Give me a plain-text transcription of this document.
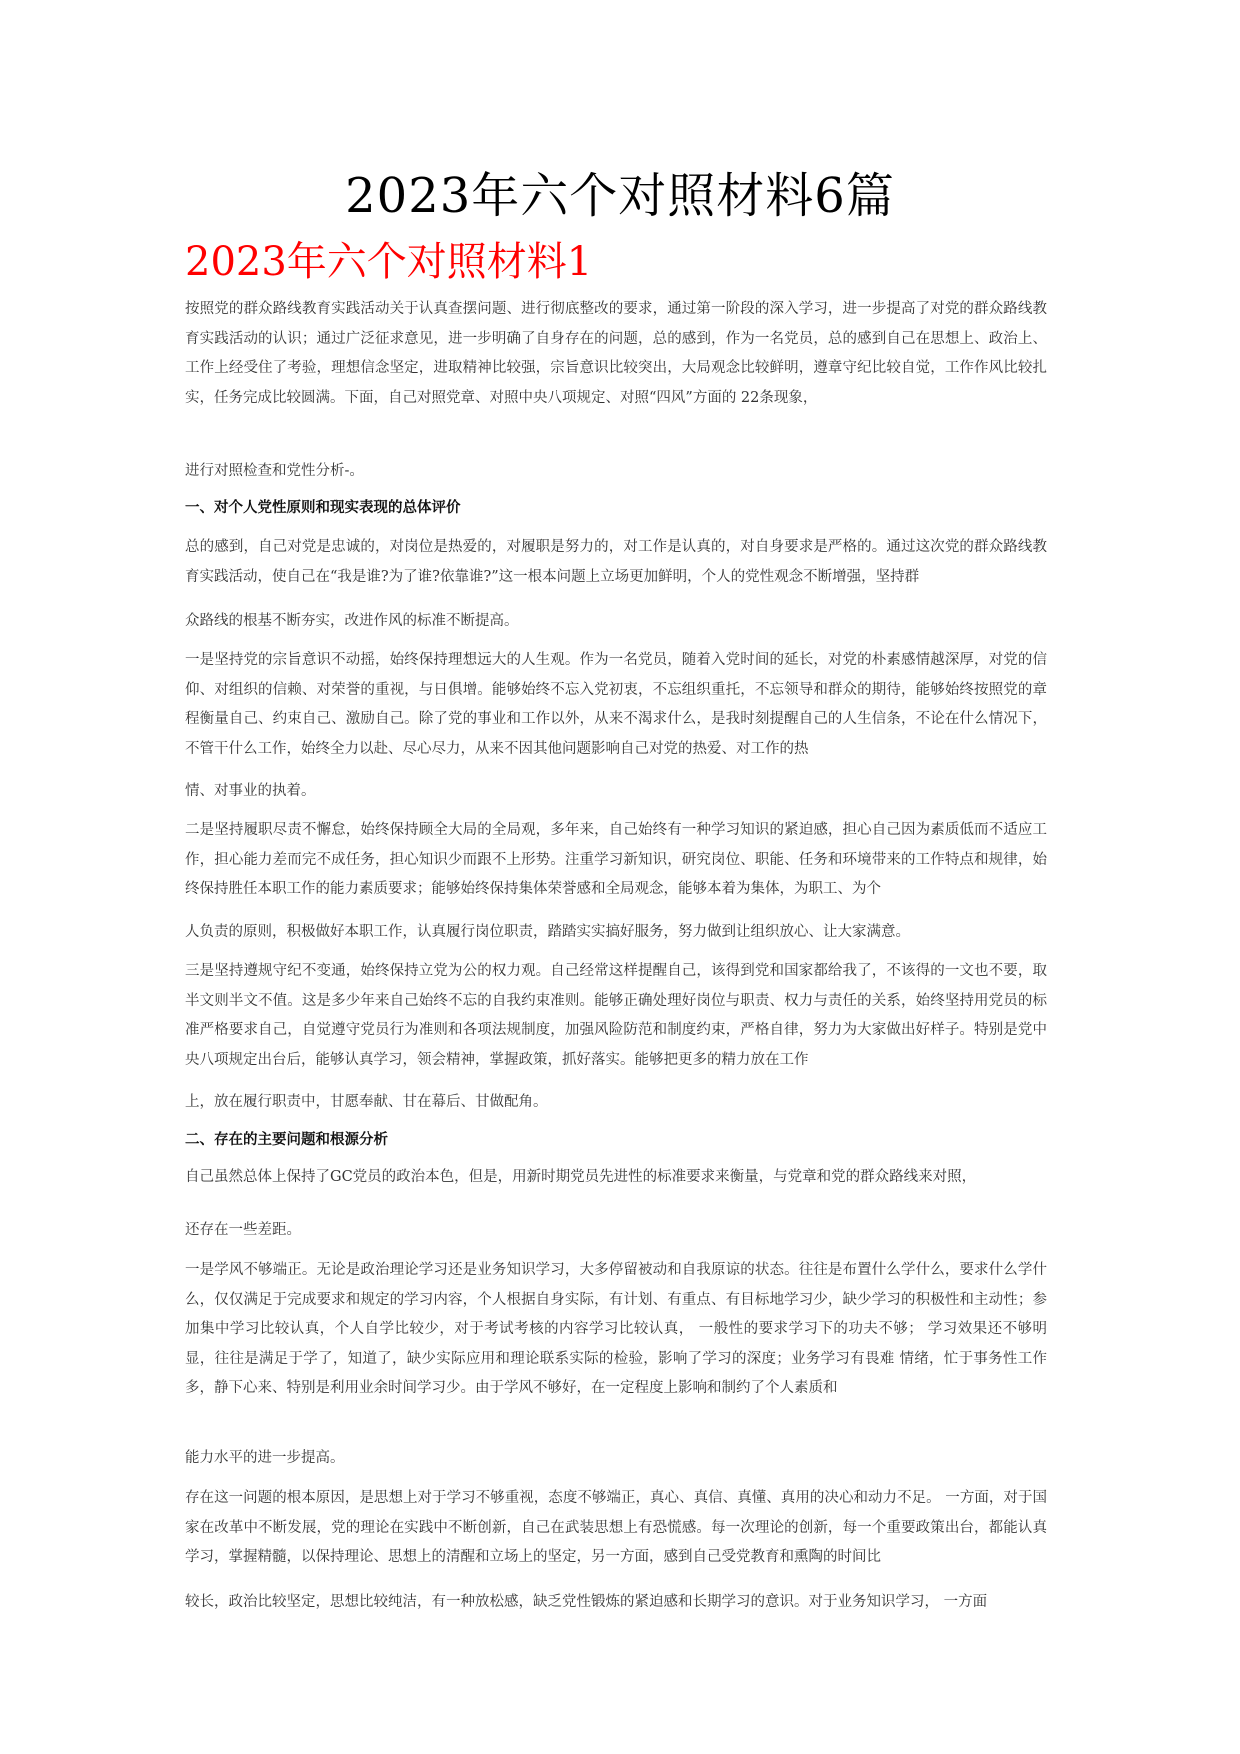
2023年六个对照材料6篇
2023年六个对照材料1

按照党的群众路线教育实践活动关于认真查摆问题、进行彻底整改的要求，通过第一阶段的深入学习，进一步提高了对党的群众路线教育实践活动的认识；通过广泛征求意见，进一步明确了自身存在的问题，总的感到，作为一名党员，总的感到自己在思想上、政治上、工作上经受住了考验，理想信念坚定，进取精神比较强，宗旨意识比较突出，大局观念比较鲜明，遵章守纪比较自觉，工作作风比较扎实，任务完成比较圆满。下面，自己对照党章、对照中央八项规定、对照“四风”方面的 22条现象，

进行对照检查和党性分析-。

一、对个人党性原则和现实表现的总体评价

总的感到，自己对党是忠诚的，对岗位是热爱的，对履职是努力的，对工作是认真的，对自身要求是严格的。通过这次党的群众路线教育实践活动，使自己在“我是谁?为了谁?依靠谁?”这一根本问题上立场更加鲜明，个人的党性观念不断增强，坚持群

众路线的根基不断夯实，改进作风的标准不断提高。

一是坚持党的宗旨意识不动摇，始终保持理想远大的人生观。作为一名党员，随着入党时间的延长，对党的朴素感情越深厚，对党的信仰、对组织的信赖、对荣誉的重视，与日俱增。能够始终不忘入党初衷，不忘组织重托，不忘领导和群众的期待，能够始终按照党的章程衡量自己、约束自己、激励自己。除了党的事业和工作以外，从来不渴求什么，是我时刻提醒自己的人生信条，不论在什么情况下，不管干什么工作，始终全力以赴、尽心尽力，从来不因其他问题影响自己对党的热爱、对工作的热

情、对事业的执着。

二是坚持履职尽责不懈怠，始终保持顾全大局的全局观，多年来，自己始终有一种学习知识的紧迫感，担心自己因为素质低而不适应工作，担心能力差而完不成任务，担心知识少而跟不上形势。注重学习新知识，研究岗位、职能、任务和环境带来的工作特点和规律，始终保持胜任本职工作的能力素质要求；能够始终保持集体荣誉感和全局观念，能够本着为集体，为职工、为个

人负责的原则，积极做好本职工作，认真履行岗位职责，踏踏实实搞好服务，努力做到让组织放心、让大家满意。

三是坚持遵规守纪不变通，始终保持立党为公的权力观。自己经常这样提醒自己，该得到党和国家都给我了，不该得的一文也不要，取半文则半文不值。这是多少年来自己始终不忘的自我约束准则。能够正确处理好岗位与职责、权力与责任的关系，始终坚持用党员的标准严格要求自己，自觉遵守党员行为准则和各项法规制度，加强风险防范和制度约束，严格自律，努力为大家做出好样子。特别是党中央八项规定出台后，能够认真学习，领会精神，掌握政策，抓好落实。能够把更多的精力放在工作

上，放在履行职责中，甘愿奉献、甘在幕后、甘做配角。

二、存在的主要问题和根源分析

自己虽然总体上保持了GC党员的政治本色，但是，用新时期党员先进性的标准要求来衡量，与党章和党的群众路线来对照，

还存在一些差距。

一是学风不够端正。无论是政治理论学习还是业务知识学习，大多停留被动和自我原谅的状态。往往是布置什么学什么，要求什么学什么，仅仅满足于完成要求和规定的学习内容，个人根据自身实际，有计划、有重点、有目标地学习少，缺少学习的积极性和主动性；参加集中学习比较认真，个人自学比较少，对于考试考核的内容学习比较认真， 一般性的要求学习下的功夫不够； 学习效果还不够明显，往往是满足于学了，知道了，缺少实际应用和理论联系实际的检验，影响了学习的深度；业务学习有畏难 情绪，忙于事务性工作多，静下心来、特别是利用业余时间学习少。由于学风不够好，在一定程度上影响和制约了个人素质和

能力水平的进一步提高。

存在这一问题的根本原因，是思想上对于学习不够重视，态度不够端正，真心、真信、真懂、真用的决心和动力不足。 一方面，对于国家在改革中不断发展，党的理论在实践中不断创新，自己在武装思想上有恐慌感。每一次理论的创新，每一个重要政策出台，都能认真学习，掌握精髓，以保持理论、思想上的清醒和立场上的坚定，另一方面，感到自己受党教育和熏陶的时间比

较长，政治比较坚定，思想比较纯洁，有一种放松感，缺乏党性锻炼的紧迫感和长期学习的意识。对于业务知识学习， 一方面
